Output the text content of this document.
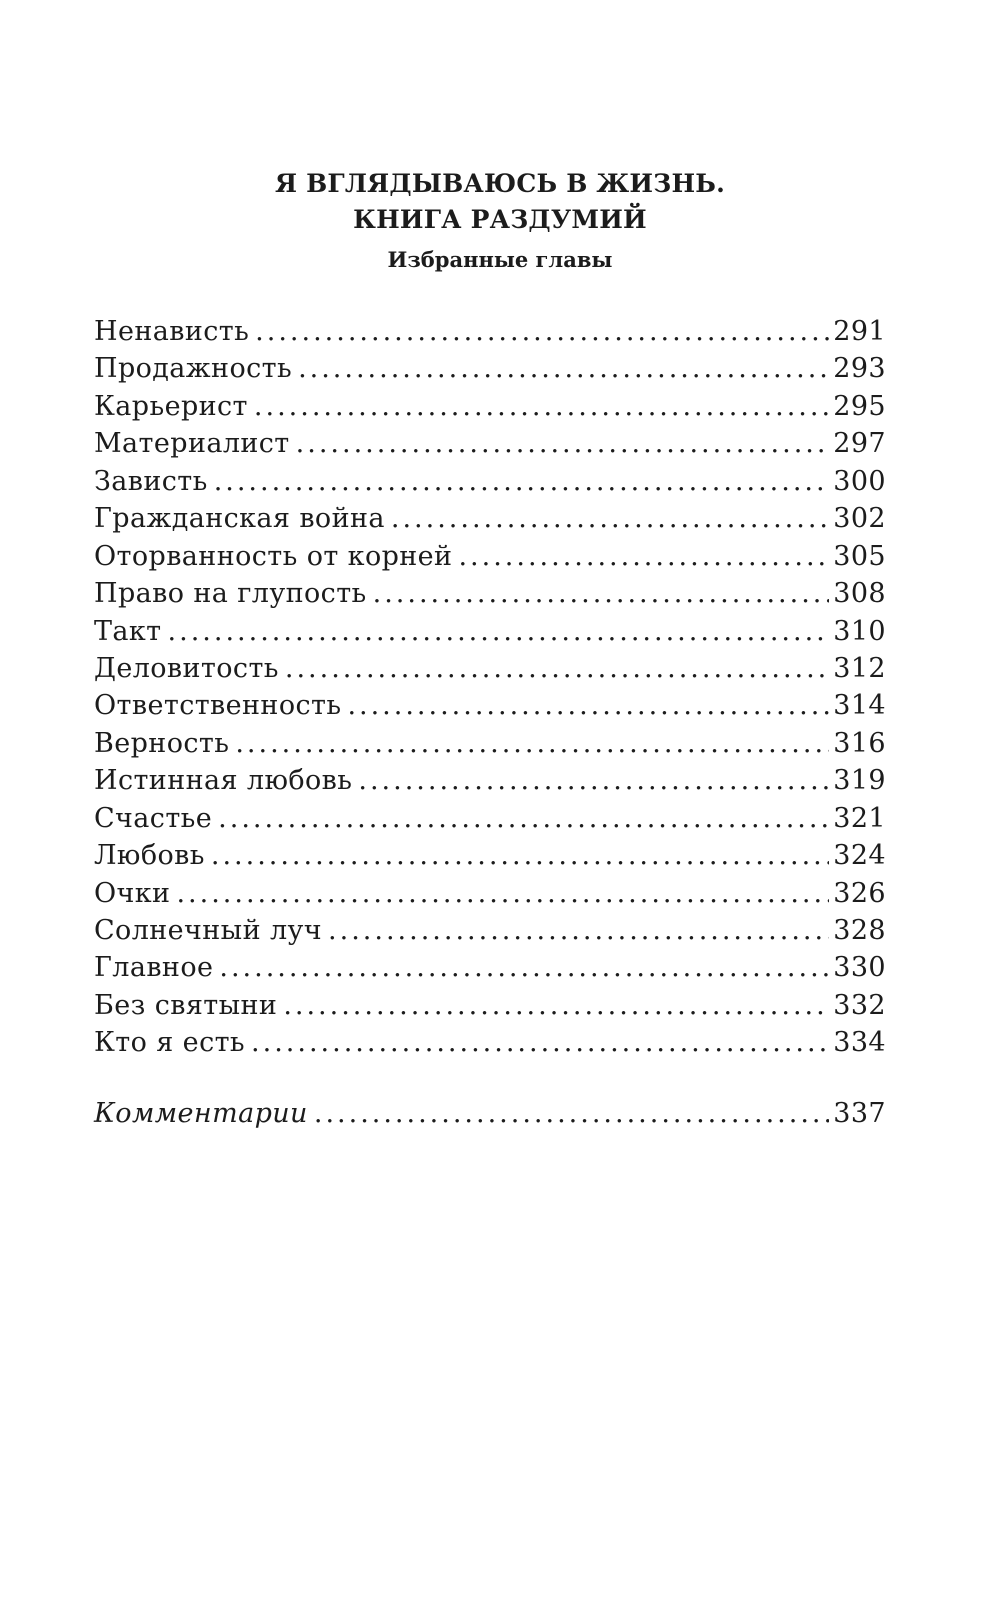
Я ВГЛЯДЫВАЮСЬ В ЖИЗНЬ.
КНИГА РАЗДУМИЙ
Избранные главы
Ненависть .....	291
Продажность .....	293
Карьерист .....	295
Материалист .....	297
Зависть .....	300
Гражданская война .....	302
Оторванность от корней .....	305
Право на глупость .....	308
Такт .....	310
Деловитость .....	312
Ответственность .....	314
Верность .....	316
Истинная любовь .....	319
Счастье .....	321
Любовь .....	324
Очки .....	326
Солнечный луч .....	328
Главное .....	330
Без святыни .....	332
Кто я есть .....	334
Комментарии .....	337
